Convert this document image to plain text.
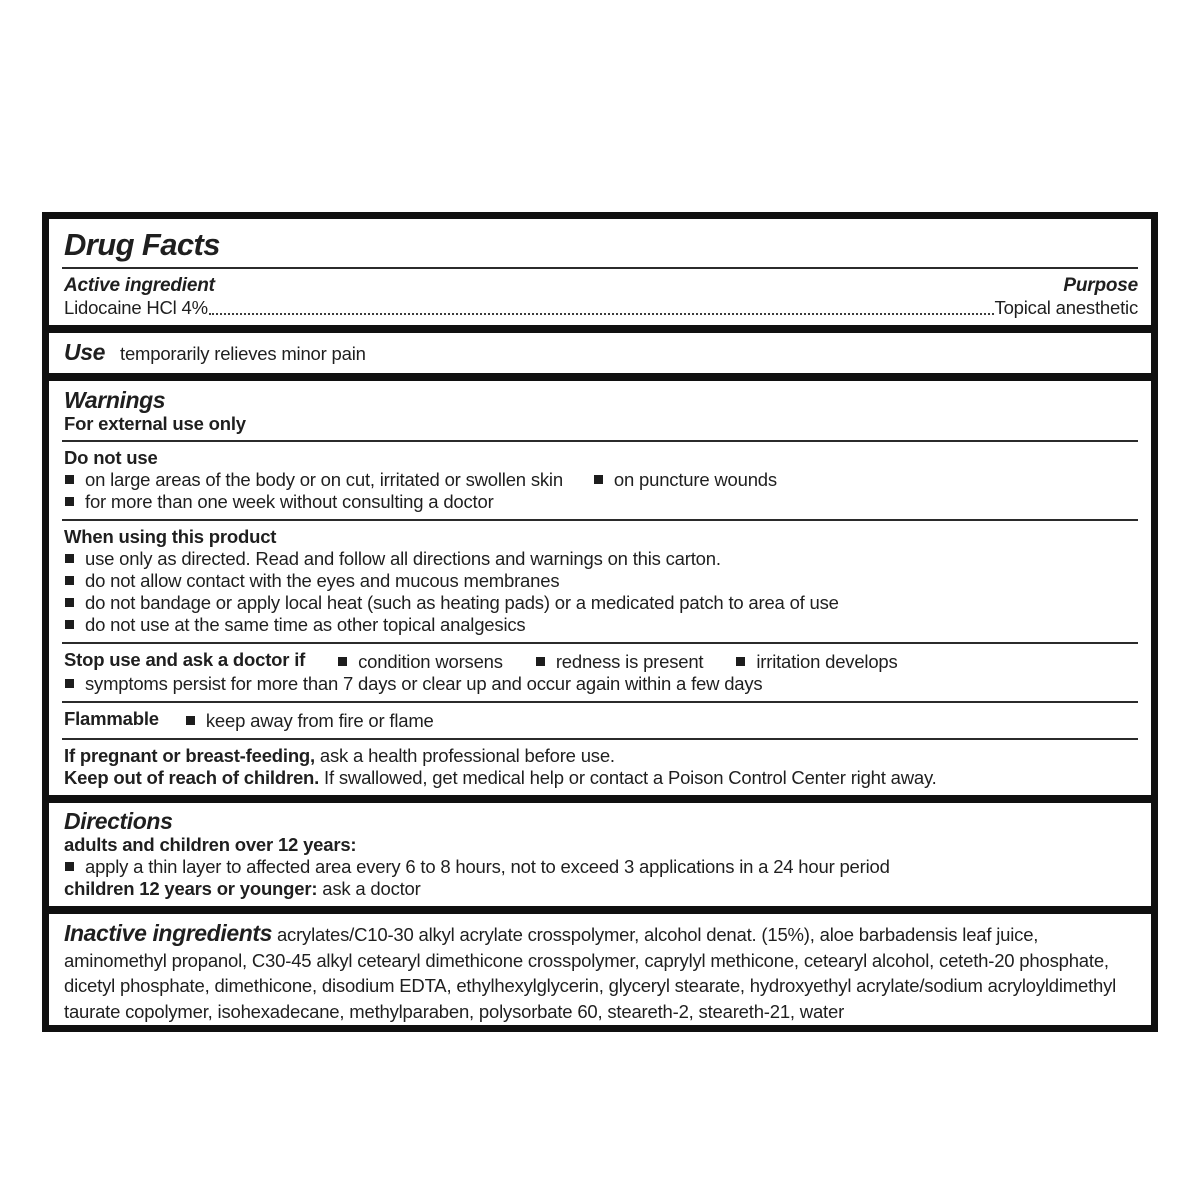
Drug Facts
Active ingredient	Purpose
Lidocaine HCl 4%	Topical anesthetic
Use temporarily relieves minor pain
Warnings
For external use only
Do not use
on large areas of the body or on cut, irritated or swollen skin	on puncture wounds
for more than one week without consulting a doctor
When using this product
use only as directed. Read and follow all directions and warnings on this carton.
do not allow contact with the eyes and mucous membranes
do not bandage or apply local heat (such as heating pads) or a medicated patch to area of use
do not use at the same time as other topical analgesics
Stop use and ask a doctor if	condition worsens	redness is present	irritation develops
symptoms persist for more than 7 days or clear up and occur again within a few days
Flammable	keep away from fire or flame
If pregnant or breast-feeding, ask a health professional before use.
Keep out of reach of children. If swallowed, get medical help or contact a Poison Control Center right away.
Directions
adults and children over 12 years:
apply a thin layer to affected area every 6 to 8 hours, not to exceed 3 applications in a 24 hour period
children 12 years or younger: ask a doctor
Inactive ingredients acrylates/C10-30 alkyl acrylate crosspolymer, alcohol denat. (15%), aloe barbadensis leaf juice, aminomethyl propanol, C30-45 alkyl cetearyl dimethicone crosspolymer, caprylyl methicone, cetearyl alcohol, ceteth-20 phosphate, dicetyl phosphate, dimethicone, disodium EDTA, ethylhexylglycerin, glyceryl stearate, hydroxyethyl acrylate/sodium acryloyldimethyl taurate copolymer, isohexadecane, methylparaben, polysorbate 60, steareth-2, steareth-21, water
